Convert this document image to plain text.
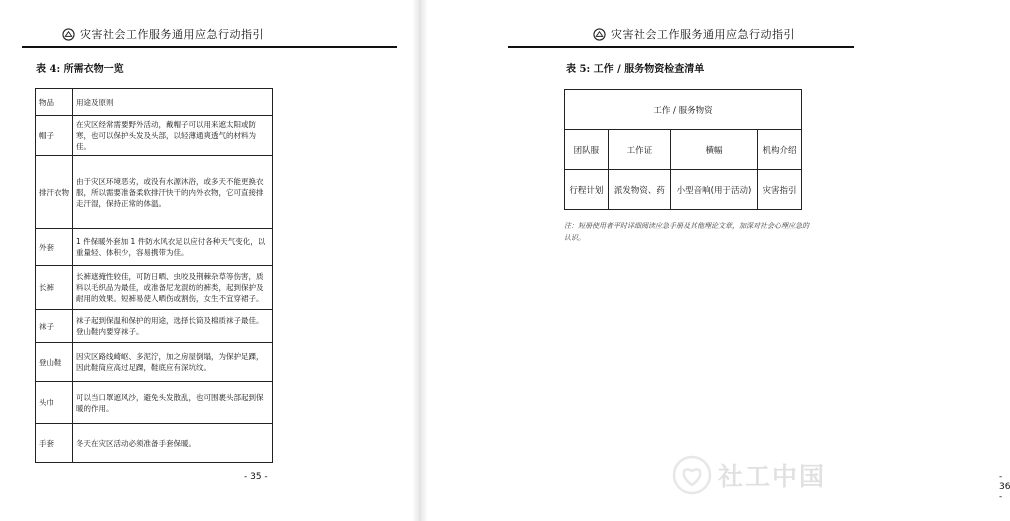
灾害社会工作服务通用应急行动指引
表 4: 所需衣物一览
物品	用途及原则
帽子	在灾区经常需要野外活动，戴帽子可以用来遮太阳或防寒，也可以保护头发及头部，以轻薄通爽透气的材料为佳。
排汗衣物	由于灾区环境恶劣，或没有水源沐浴，或多天不能更换衣服，所以需要准备柔软排汗快干的内外衣物，它可直接排走汗湿，保持正常的体温。
外套	1 件保暖外套加 1 件防水风衣足以应付各种天气变化，以重量轻、体积少，容易携带为佳。
长裤	长裤遮掩性较佳，可防日晒、虫咬及荆棘杂草等伤害，质料以毛织品为最佳，或准备尼龙混纺的裤类，起到保护及耐用的效果。短裤易使人晒伤或割伤，女生不宜穿裙子。
袜子	袜子起到保温和保护的用途，选择长筒及棉质袜子最佳。登山鞋内要穿袜子。
登山鞋	因灾区路线崎岖、多泥泞，加之房屋倒塌，为保护足踝，因此鞋筒应高过足踝，鞋底应有深坑纹。
头巾	可以当口罩遮风沙，避免头发散乱，也可围裹头部起到保暖的作用。
手套	冬天在灾区活动必须准备手套保暖。
- 35 -
灾害社会工作服务通用应急行动指引
表 5: 工作 / 服务物资检查清单
- 36 -
工作 / 服务物资			
团队服	工作证	横幅	机构介绍
行程计划	派发物资、药	小型音响(用于活动)	灾害指引
注：短册使用者平时详细阅读应急手册及其他理论文章，加深对社会心理应急的认识。
社工中国
